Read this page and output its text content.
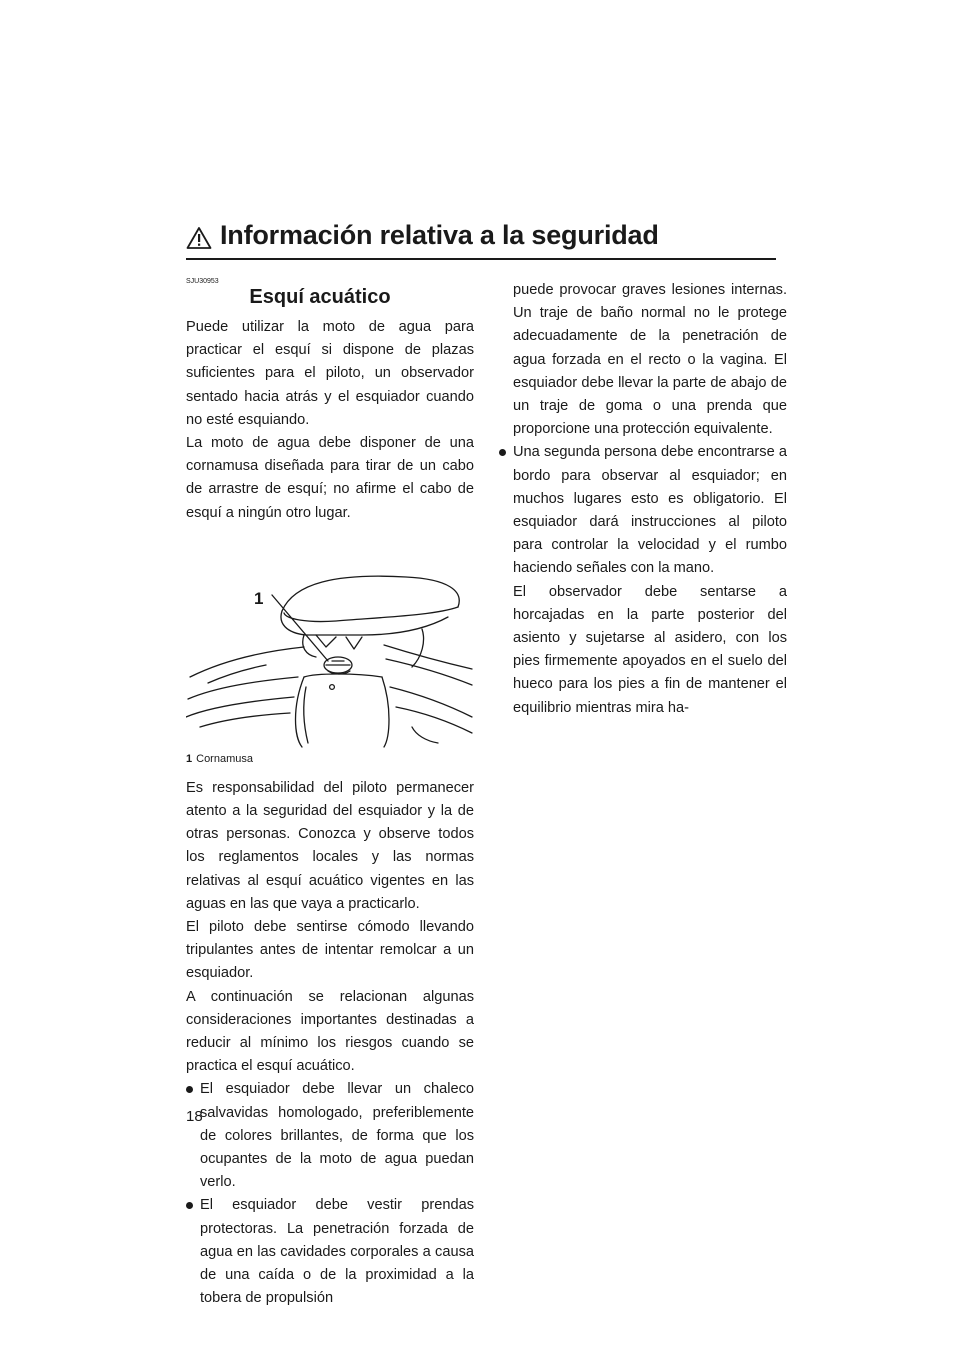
Información relativa a la seguridad
SJU30953
Esquí acuático

Puede utilizar la moto de agua para practicar el esquí si dispone de plazas suficientes para el piloto, un observador sentado hacia atrás y el esquiador cuando no esté esquiando.

La moto de agua debe disponer de una cornamusa diseñada para tirar de un cabo de arrastre de esquí; no afirme el cabo de esquí a ningún otro lugar.

1
1 Cornamusa

Es responsabilidad del piloto permanecer atento a la seguridad del esquiador y la de otras personas. Conozca y observe todos los reglamentos locales y las normas relativas al esquí acuático vigentes en las aguas en las que vaya a practicarlo.

El piloto debe sentirse cómodo llevando tripulantes antes de intentar remolcar a un esquiador.

A continuación se relacionan algunas consideraciones importantes destinadas a reducir al mínimo los riesgos cuando se practica el esquí acuático.

El esquiador debe llevar un chaleco salvavidas homologado, preferiblemente de colores brillantes, de forma que los ocupantes de la moto de agua puedan verlo.

El esquiador debe vestir prendas protectoras. La penetración forzada de agua en las cavidades corporales a causa de una caída o de la proximidad a la tobera de propulsión

puede provocar graves lesiones internas. Un traje de baño normal no le protege adecuadamente de la penetración de agua forzada en el recto o la vagina. El esquiador debe llevar la parte de abajo de un traje de goma o una prenda que proporcione una protección equivalente.

Una segunda persona debe encontrarse a bordo para observar al esquiador; en muchos lugares esto es obligatorio. El esquiador dará instrucciones al piloto para controlar la velocidad y el rumbo haciendo señales con la mano.

El observador debe sentarse a horcajadas en la parte posterior del asiento y sujetarse al asidero, con los pies firmemente apoyados en el suelo del hueco para los pies a fin de mantener el equilibrio mientras mira ha-

18
